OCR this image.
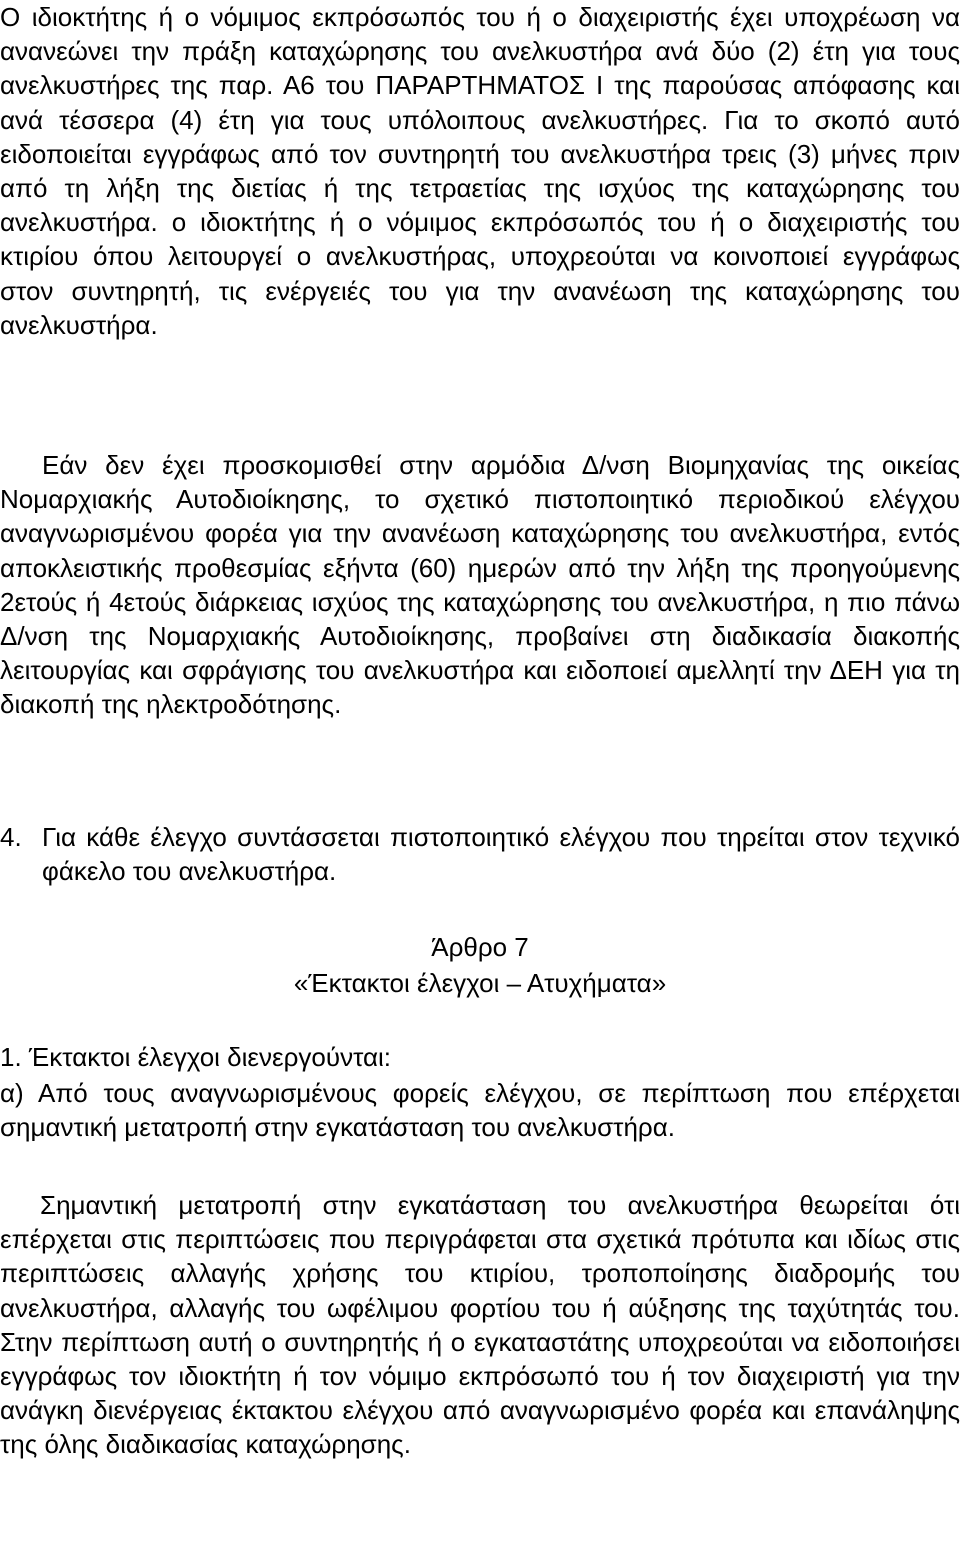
Ο ιδιοκτήτης ή ο νόμιμος εκπρόσωπός του ή ο διαχειριστής έχει υποχρέωση να ανανεώνει την πράξη καταχώρησης του ανελκυστήρα ανά δύο (2) έτη για τους ανελκυστήρες της παρ. Α6 του ΠΑΡΑΡΤΗΜΑΤΟΣ Ι της παρούσας απόφασης και ανά τέσσερα (4) έτη για τους υπόλοιπους ανελκυστήρες. Για το σκοπό αυτό ειδοποιείται εγγράφως από τον συντηρητή του ανελκυστήρα τρεις (3) μήνες πριν από τη λήξη της διετίας ή της τετραετίας της ισχύος της καταχώρησης του ανελκυστήρα. ο ιδιοκτήτης ή ο νόμιμος εκπρόσωπός του ή ο διαχειριστής του κτιρίου όπου λειτουργεί ο ανελκυστήρας, υποχρεούται να κοινοποιεί εγγράφως στον συντηρητή, τις ενέργειές του για την ανανέωση της καταχώρησης του ανελκυστήρα.

Εάν δεν έχει προσκομισθεί στην αρμόδια Δ/νση Βιομηχανίας της οικείας Νομαρχιακής Αυτοδιοίκησης, το σχετικό πιστοποιητικό περιοδικού ελέγχου αναγνωρισμένου φορέα για την ανανέωση καταχώρησης του ανελκυστήρα, εντός αποκλειστικής προθεσμίας εξήντα (60) ημερών από την λήξη της προηγούμενης 2ετούς ή 4ετούς διάρκειας ισχύος της καταχώρησης του ανελκυστήρα, η πιο πάνω Δ/νση της Νομαρχιακής Αυτοδιοίκησης, προβαίνει στη διαδικασία διακοπής λειτουργίας και σφράγισης του ανελκυστήρα και ειδοποιεί αμελλητί την ΔΕΗ για τη διακοπή της ηλεκτροδότησης.

4. Για κάθε έλεγχο συντάσσεται πιστοποιητικό ελέγχου που τηρείται στον τεχνικό φάκελο του ανελκυστήρα.
Άρθρο 7
«Έκτακτοι έλεγχοι – Ατυχήματα»

1. Έκτακτοι έλεγχοι διενεργούνται:

α) Από τους αναγνωρισμένους φορείς ελέγχου, σε περίπτωση που επέρχεται σημαντική μετατροπή στην εγκατάσταση του ανελκυστήρα.

Σημαντική μετατροπή στην εγκατάσταση του ανελκυστήρα θεωρείται ότι επέρχεται στις περιπτώσεις που περιγράφεται στα σχετικά πρότυπα και ιδίως στις περιπτώσεις αλλαγής χρήσης του κτιρίου, τροποποίησης διαδρομής του ανελκυστήρα, αλλαγής του ωφέλιμου φορτίου του ή αύξησης της ταχύτητάς του. Στην περίπτωση αυτή ο συντηρητής ή ο εγκαταστάτης υποχρεούται να ειδοποιήσει εγγράφως τον ιδιοκτήτη ή τον νόμιμο εκπρόσωπό του ή τον διαχειριστή για την ανάγκη διενέργειας έκτακτου ελέγχου από αναγνωρισμένο φορέα και επανάληψης της όλης διαδικασίας καταχώρησης.
